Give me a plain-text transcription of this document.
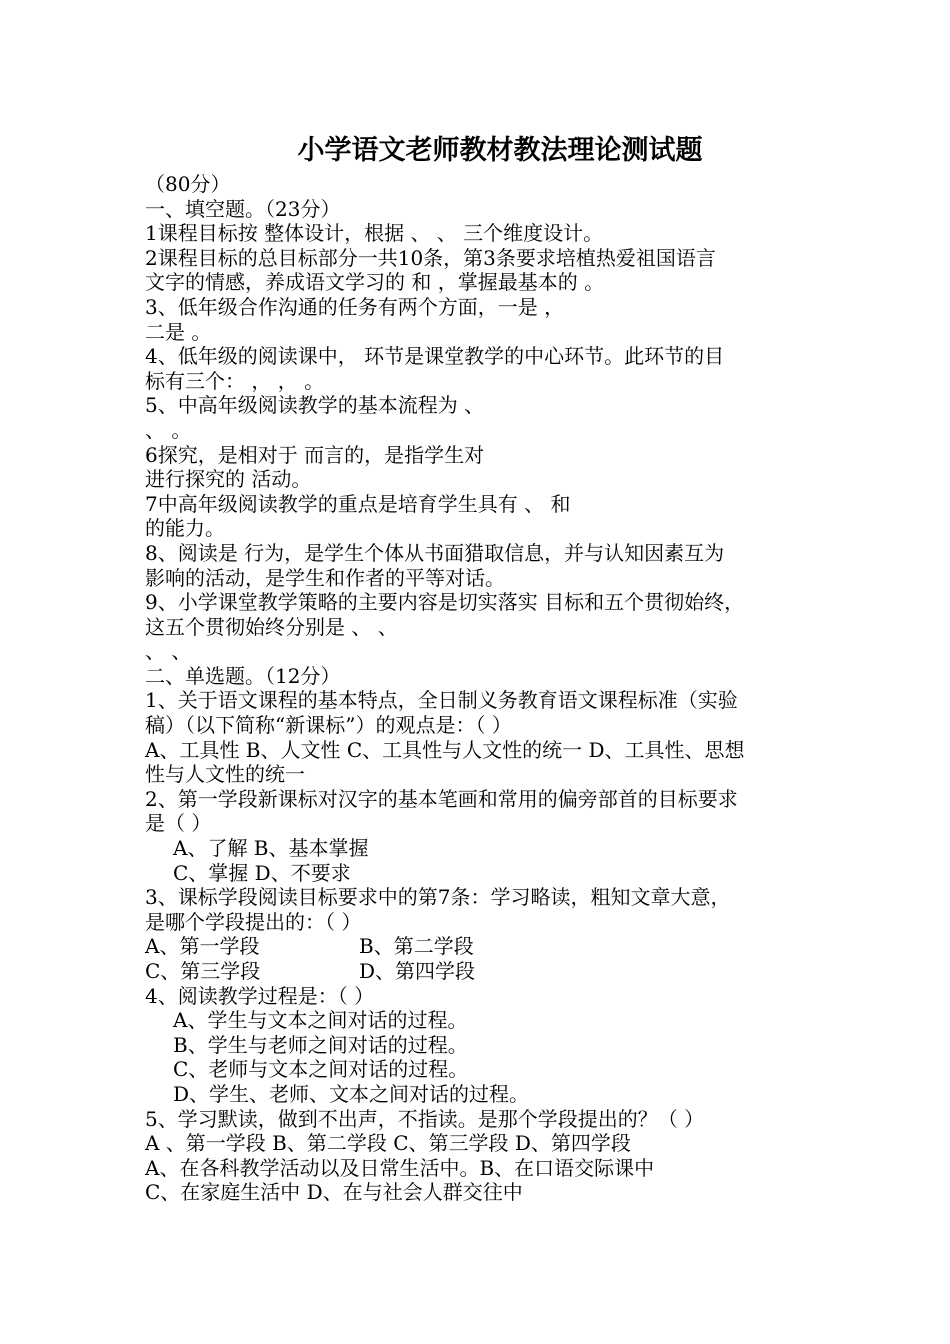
小学语文老师教材教法理论测试题
（80分）
一、填空题。（23分）
1课程目标按 整体设计，根据 、 、 三个维度设计。
2课程目标的总目标部分一共10条，第3条要求培植热爱祖国语言
文字的情感，养成语文学习的 和 ，掌握最基本的 。
3、低年级合作沟通的任务有两个方面，一是 ，
二是 。
4、低年级的阅读课中， 环节是课堂教学的中心环节。此环节的目
标有三个： ， ， 。
5、中高年级阅读教学的基本流程为 、
、 。
6探究，是相对于 而言的，是指学生对
进行探究的 活动。
7中高年级阅读教学的重点是培育学生具有 、 和
的能力。
8、阅读是 行为，是学生个体从书面猎取信息，并与认知因素互为
影响的活动，是学生和作者的平等对话。
9、小学课堂教学策略的主要内容是切实落实 目标和五个贯彻始终，
这五个贯彻始终分别是 、 、
、 、
二、单选题。（12分）
1、关于语文课程的基本特点，全日制义务教育语文课程标准（实验
稿）（以下简称“新课标”）的观点是：（ ）
A、工具性 B、人文性 C、工具性与人文性的统一 D、工具性、思想
性与人文性的统一
2、第一学段新课标对汉字的基本笔画和常用的偏旁部首的目标要求
是（ ）
A、了解 B、基本掌握
C、掌握 D、不要求
3、课标学段阅读目标要求中的第7条：学习略读，粗知文章大意，
是哪个学段提出的：（ ）
A、第一学段	B、第二学段
C、第三学段	D、第四学段
4、阅读教学过程是：（ ）
A、学生与文本之间对话的过程。
B、学生与老师之间对话的过程。
C、老师与文本之间对话的过程。
D、学生、老师、文本之间对话的过程。
5、学习默读，做到不出声，不指读。是那个学段提出的？（ ）
A 、第一学段 B、第二学段 C、第三学段 D、第四学段
A、在各科教学活动以及日常生活中。B、在口语交际课中
C、在家庭生活中 D、在与社会人群交往中
